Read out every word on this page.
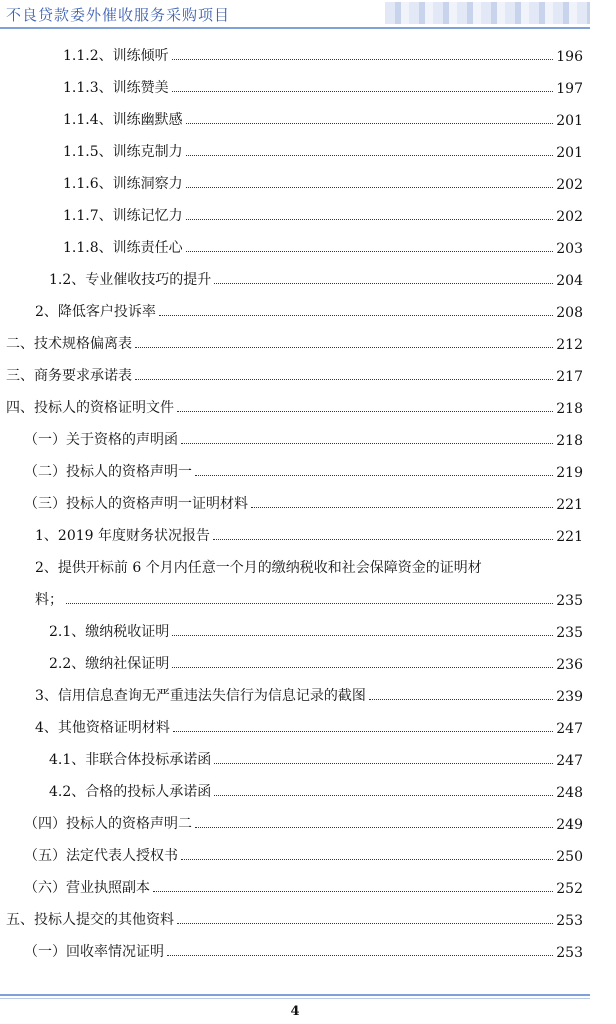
不良贷款委外催收服务采购项目
1.1.2、训练倾听	196
1.1.3、训练赞美	197
1.1.4、训练幽默感	201
1.1.5、训练克制力	201
1.1.6、训练洞察力	202
1.1.7、训练记忆力	202
1.1.8、训练责任心	203
1.2、专业催收技巧的提升	204
2、降低客户投诉率	208
二、技术规格偏离表	212
三、商务要求承诺表	217
四、投标人的资格证明文件	218
（一）关于资格的声明函	218
（二）投标人的资格声明一	219
（三）投标人的资格声明一证明材料	221
1、2019 年度财务状况报告	221
2、提供开标前 6 个月内任意一个月的缴纳税收和社会保障资金的证明材
料；	235
2.1、缴纳税收证明	235
2.2、缴纳社保证明	236
3、信用信息查询无严重违法失信行为信息记录的截图	239
4、其他资格证明材料	247
4.1、非联合体投标承诺函	247
4.2、合格的投标人承诺函	248
（四）投标人的资格声明二	249
（五）法定代表人授权书	250
（六）营业执照副本	252
五、投标人提交的其他资料	253
（一）回收率情况证明	253
4
